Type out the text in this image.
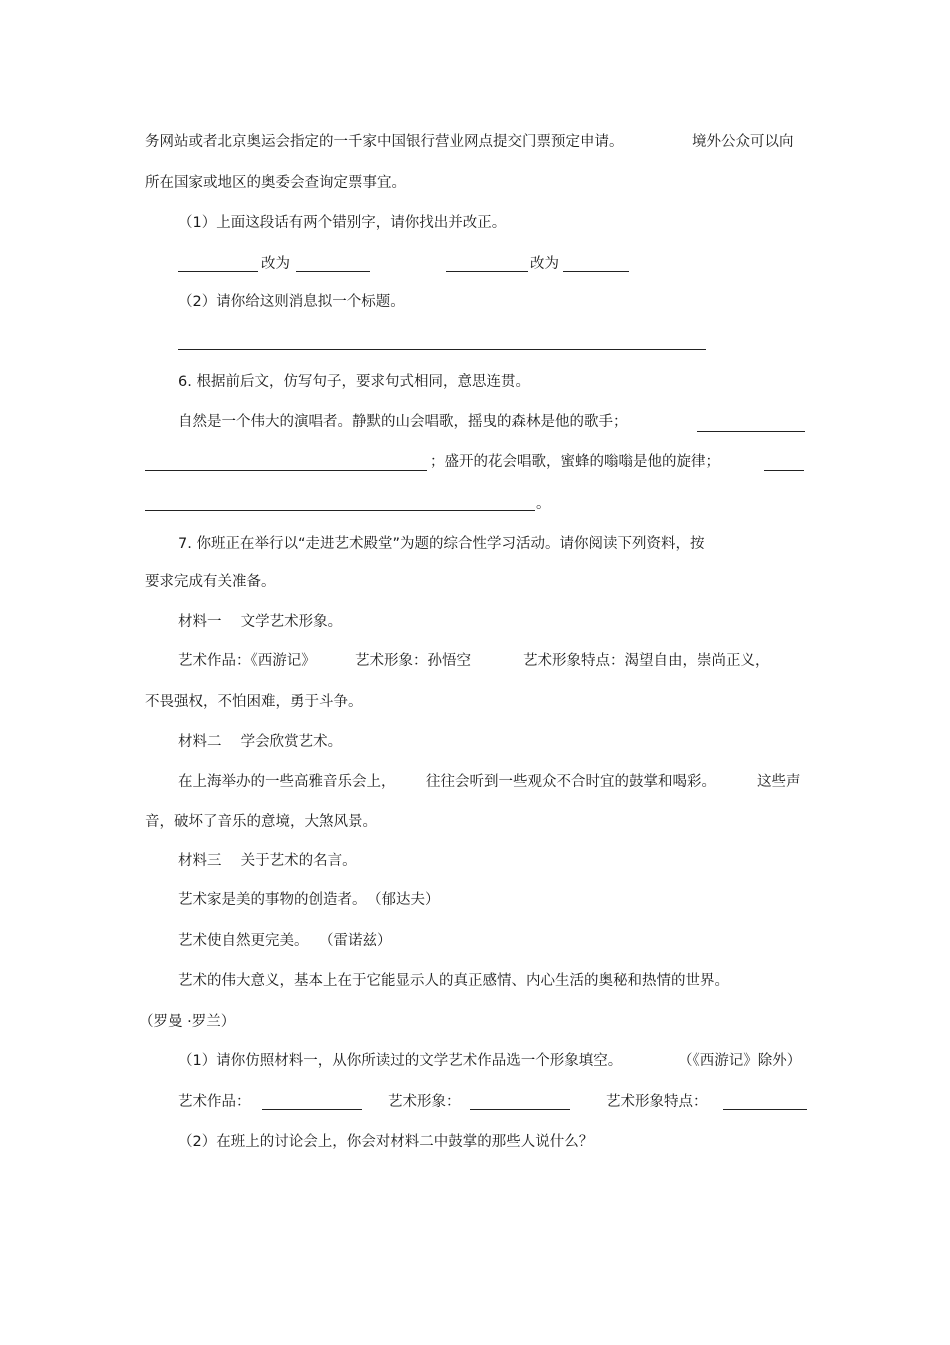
务网站或者北京奥运会指定的一千家中国银行营业网点提交门票预定申请。	境外公众可以向
所在国家或地区的奥委会查询定票事宜。
（1）上面这段话有两个错别字，请你找出并改正。
改为	改为
（2）请你给这则消息拟一个标题。
6. 根据前后文，仿写句子，要求句式相同，意思连贯。
自然是一个伟大的演唱者。静默的山会唱歌，摇曳的森林是他的歌手；
；盛开的花会唱歌，蜜蜂的嗡嗡是他的旋律；
。
7. 你班正在举行以“走进艺术殿堂”为题的综合性学习活动。请你阅读下列资料，按
要求完成有关准备。
材料一　 文学艺术形象。
艺术作品：《西游记》	艺术形象：孙悟空	艺术形象特点：渴望自由，崇尚正义，
不畏强权，不怕困难，勇于斗争。
材料二　 学会欣赏艺术。
在上海举办的一些高雅音乐会上， 往往会听到一些观众不合时宜的鼓掌和喝彩。	这些声
音，破坏了音乐的意境，大煞风景。
材料三　 关于艺术的名言。
艺术家是美的事物的创造者。 （郁达夫）
艺术使自然更完美。 （雷诺兹）
艺术的伟大意义，基本上在于它能显示人的真正感情、内心生活的奥秘和热情的世界。
（罗曼 ·罗兰）
（1）请你仿照材料一，从你所读过的文学艺术作品选一个形象填空。	（《西游记》除外）
艺术作品：	艺术形象：	艺术形象特点：
（2）在班上的讨论会上，你会对材料二中鼓掌的那些人说什么？
